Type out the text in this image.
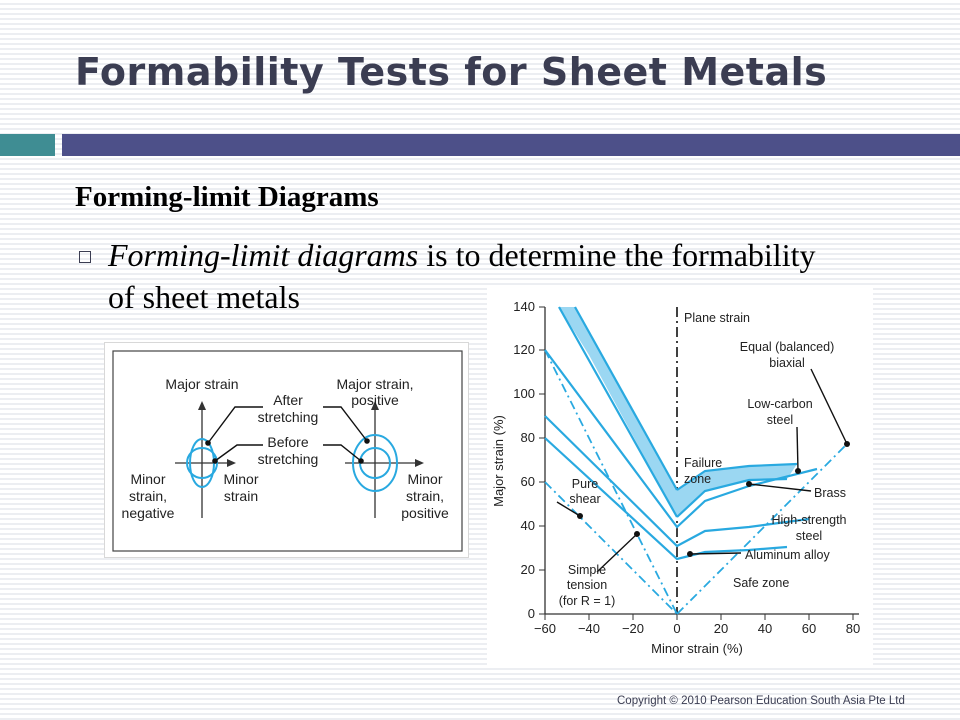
Formability Tests for Sheet Metals
Forming-limit Diagrams
Forming-limit diagrams is to determine the formability of sheet metals
Major strain
After
stretching
Before
stretching
Minor
strain
Minor
strain,
negative
Major strain,
positive
Minor
strain,
positive
0
20
40
60
80
100
120
140
−60 −40 −20 0	20 40 60 80
Minor strain (%)
Major strain (%)
Plane strain
Equal (balanced)
biaxial
Low-carbon
steel
Failure
zone
Brass
High-strength
steel
Aluminum alloy
Safe zone
Pure
shear
Simple
tension
(for R = 1)
Copyright © 2010 Pearson Education South Asia Pte Ltd
